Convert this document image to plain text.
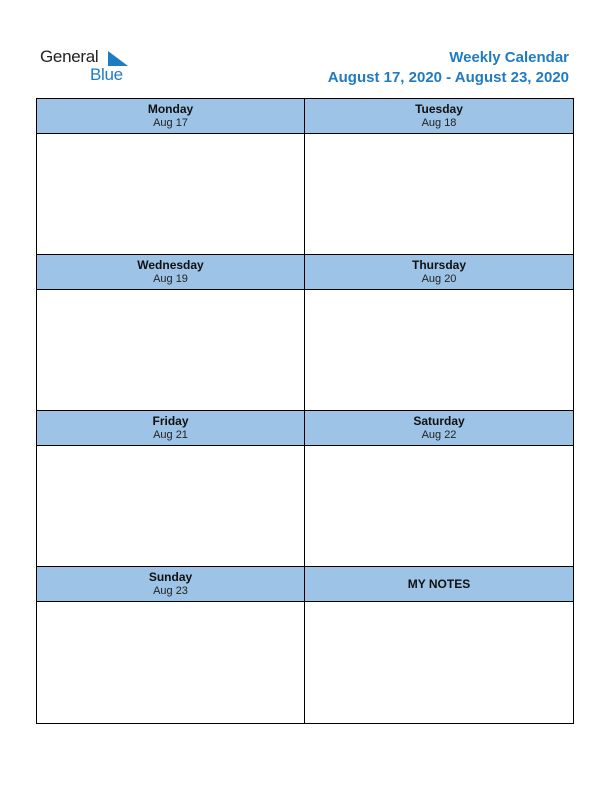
General
Blue
Weekly Calendar
August 17, 2020 - August 23, 2020
Monday
Aug 17
Tuesday
Aug 18
Wednesday
Aug 19
Thursday
Aug 20
Friday
Aug 21
Saturday
Aug 22
Sunday
Aug 23	MY NOTES
